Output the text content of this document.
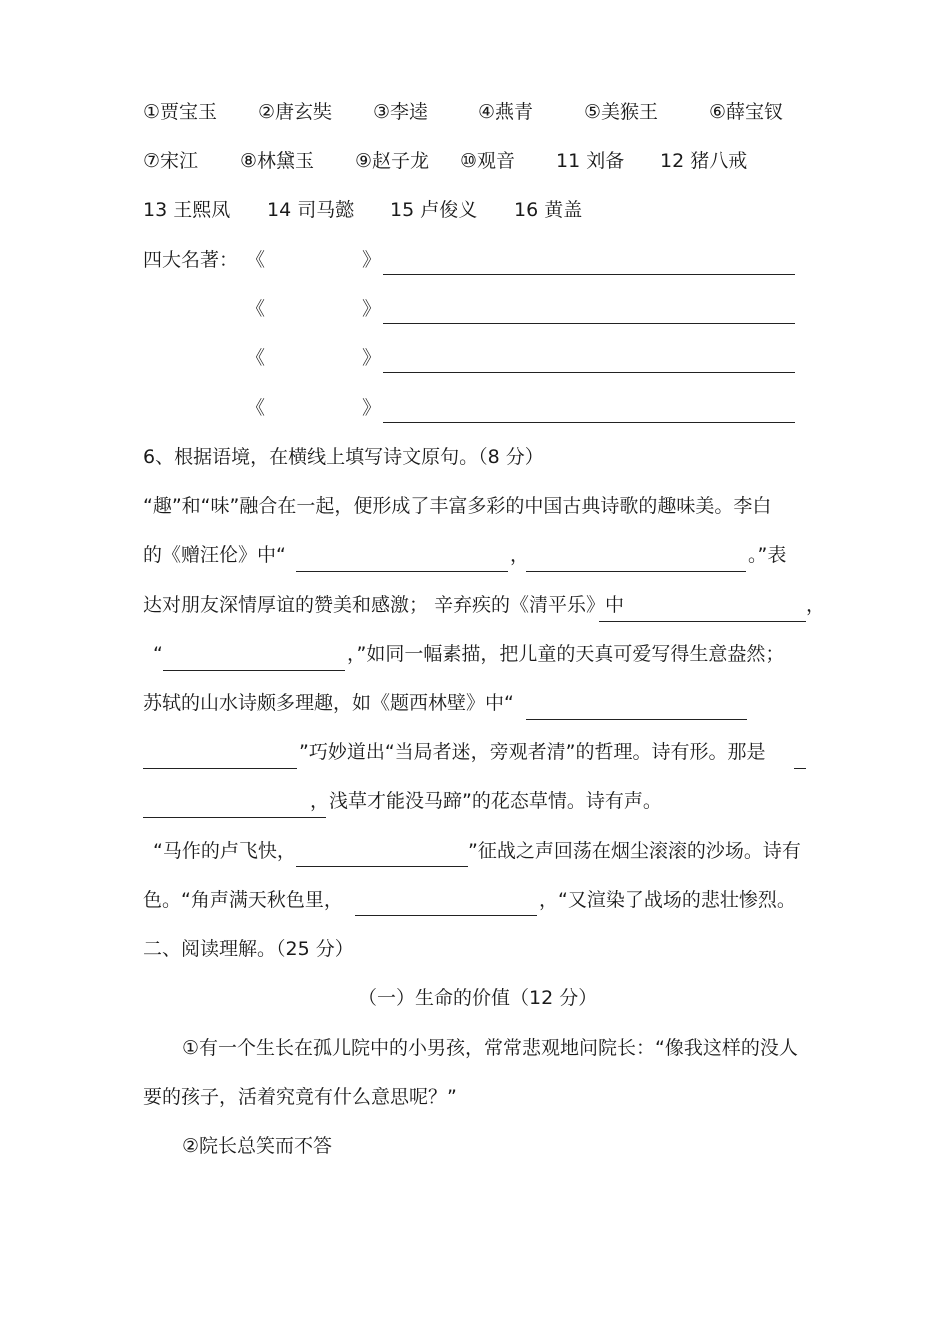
①贾宝玉 ②唐玄奘 ③李逵	④燕青	⑤美猴王	⑥薛宝钗
⑦宋江 ⑧林黛玉 ⑨赵子龙 ⑩观音 11 刘备 12 猪八戒
13 王熙凤 14 司马懿 15 卢俊义 16 黄盖
四大名著： 《	》
《	》
《	》
《	》
6、根据语境，在横线上填写诗文原句。（8 分）
“趣”和“味”融合在一起，便形成了丰富多彩的中国古典诗歌的趣味美。李白
的《赠汪伦》中“	，	。”表
达对朋友深情厚谊的赞美和感激； 辛弃疾的《清平乐》中	，
“	，”如同一幅素描，把儿童的天真可爱写得生意盎然；
苏轼的山水诗颇多理趣，如《题西林壁》中“
”巧妙道出“当局者迷，旁观者清”的哲理。诗有形。那是
，浅草才能没马蹄”的花态草情。诗有声。
“马作的卢飞快，	”征战之声回荡在烟尘滚滚的沙场。诗有
色。“角声满天秋色里，	，“又渲染了战场的悲壮惨烈。
二、阅读理解。（25 分）
（一）生命的价值（12 分）
①有一个生长在孤儿院中的小男孩，常常悲观地问院长：“像我这样的没人
要的孩子，活着究竟有什么意思呢？”
②院长总笑而不答
